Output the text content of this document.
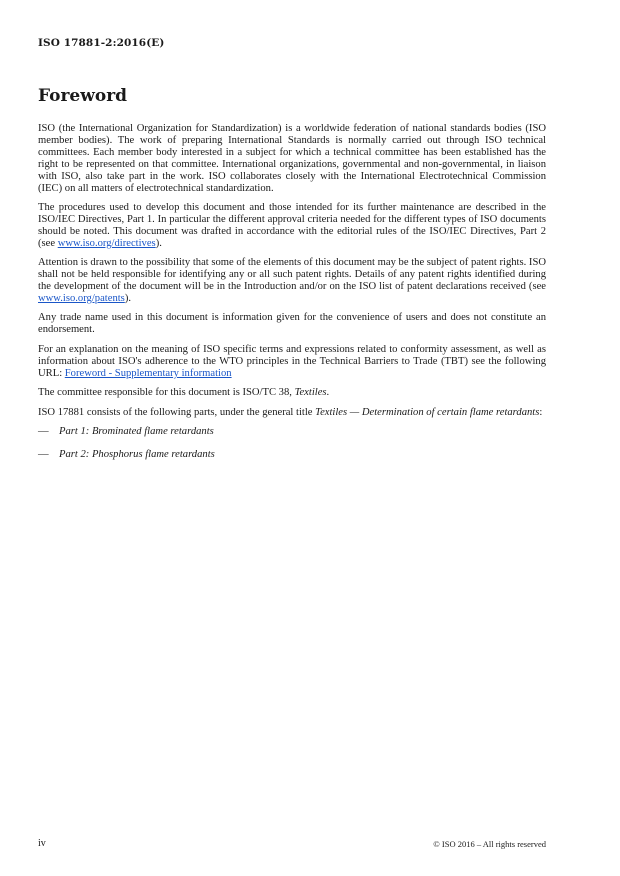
ISO 17881-2:2016(E)
Foreword

ISO (the International Organization for Standardization) is a worldwide federation of national standards bodies (ISO member bodies). The work of preparing International Standards is normally carried out through ISO technical committees. Each member body interested in a subject for which a technical committee has been established has the right to be represented on that committee. International organizations, governmental and non-governmental, in liaison with ISO, also take part in the work. ISO collaborates closely with the International Electrotechnical Commission (IEC) on all matters of electrotechnical standardization.

The procedures used to develop this document and those intended for its further maintenance are described in the ISO/IEC Directives, Part 1. In particular the different approval criteria needed for the different types of ISO documents should be noted. This document was drafted in accordance with the editorial rules of the ISO/IEC Directives, Part 2 (see www.iso.org/directives).

Attention is drawn to the possibility that some of the elements of this document may be the subject of patent rights. ISO shall not be held responsible for identifying any or all such patent rights. Details of any patent rights identified during the development of the document will be in the Introduction and/or on the ISO list of patent declarations received (see www.iso.org/patents).

Any trade name used in this document is information given for the convenience of users and does not constitute an endorsement.

For an explanation on the meaning of ISO specific terms and expressions related to conformity assessment, as well as information about ISO's adherence to the WTO principles in the Technical Barriers to Trade (TBT) see the following URL: Foreword - Supplementary information

The committee responsible for this document is ISO/TC 38, Textiles.

ISO 17881 consists of the following parts, under the general title Textiles — Determination of certain flame retardants:

— Part 1: Brominated flame retardants

— Part 2: Phosphorus flame retardants

iv	© ISO 2016 – All rights reserved
